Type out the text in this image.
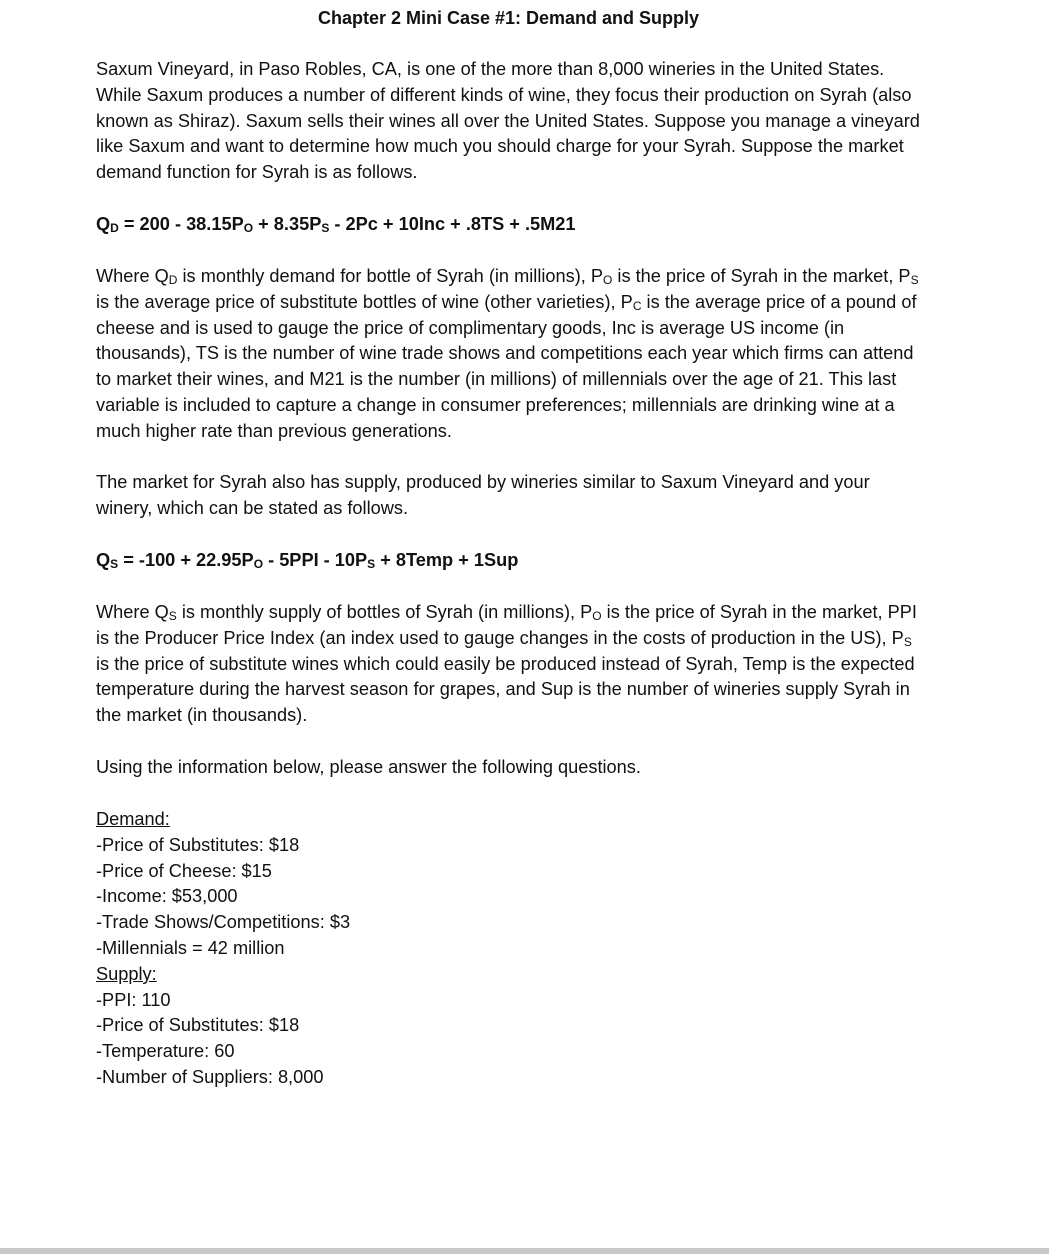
Chapter 2 Mini Case #1: Demand and Supply

Saxum Vineyard, in Paso Robles, CA, is one of the more than 8,000 wineries in the United States. While Saxum produces a number of different kinds of wine, they focus their production on Syrah (also known as Shiraz). Saxum sells their wines all over the United States. Suppose you manage a vineyard like Saxum and want to determine how much you should charge for your Syrah. Suppose the market demand function for Syrah is as follows.

$Q_D = 200 - 38.15P_O + 8.35P_S - 2Pc + 10Inc + .8TS + .5M21$

Where $Q_D$ is monthly demand for bottle of Syrah (in millions), $P_O$ is the price of Syrah in the market, $P_S$ is the average price of substitute bottles of wine (other varieties), $P_C$ is the average price of a pound of cheese and is used to gauge the price of complimentary goods, Inc is average US income (in thousands), TS is the number of wine trade shows and competitions each year which firms can attend to market their wines, and M21 is the number (in millions) of millennials over the age of 21. This last variable is included to capture a change in consumer preferences; millennials are drinking wine at a much higher rate than previous generations.

The market for Syrah also has supply, produced by wineries similar to Saxum Vineyard and your winery, which can be stated as follows.

$Q_S = -100 + 22.95P_O - 5PPI - 10P_S$ + 8Temp + 1Sup

Where $Q_S$ is monthly supply of bottles of Syrah (in millions), $P_O$ is the price of Syrah in the market, PPI is the Producer Price Index (an index used to gauge changes in the costs of production in the US), $P_S$ is the price of substitute wines which could easily be produced instead of Syrah, Temp is the expected temperature during the harvest season for grapes, and Sup is the number of wineries supply Syrah in the market (in thousands).

Using the information below, please answer the following questions.

Demand:

-Price of Substitutes: $18

-Price of Cheese: $15

-Income: $53,000

-Trade Shows/Competitions: $3

-Millennials = 42 million

Supply:

-PPI: 110

-Price of Substitutes: $18

-Temperature: 60

-Number of Suppliers: 8,000
